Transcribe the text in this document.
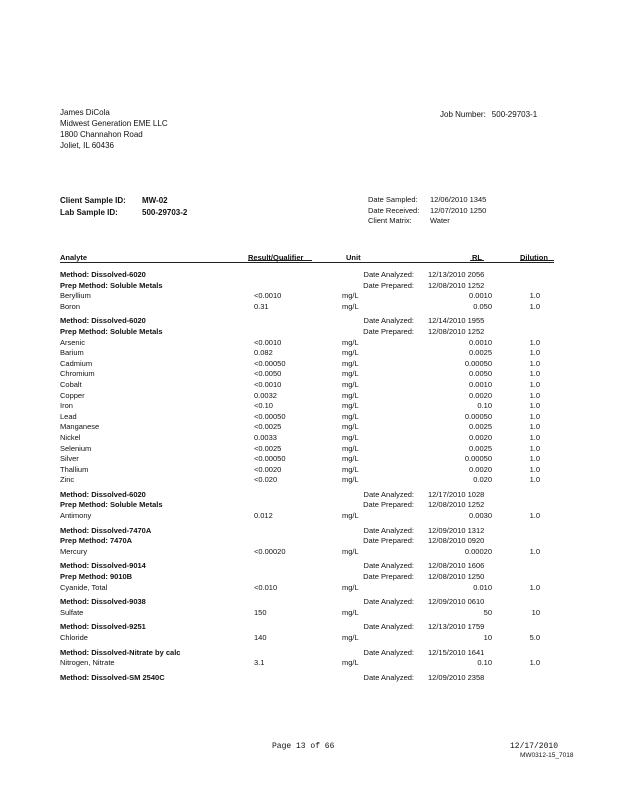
James DiCola
Midwest Generation EME LLC
1800 Channahon Road
Joliet, IL 60436
Job Number: 500-29703-1
Client Sample ID: MW-02
Lab Sample ID:	500-29703-2
Date Sampled: 12/06/2010 1345
Date Received: 12/07/2010 1250
Client Matrix: Water
Analyte	Result/Qualifier	Unit	RL	Dilution
Method: Dissolved-6020	Date Analyzed: 12/13/2010 2056
Prep Method: Soluble Metals	Date Prepared: 12/08/2010 1252
Beryllium	<0.0010	mg/L	0.0010	1.0
Boron	0.31	mg/L	0.050	1.0
Method: Dissolved-6020	Date Analyzed: 12/14/2010 1955
Prep Method: Soluble Metals	Date Prepared: 12/08/2010 1252
Arsenic	<0.0010	mg/L	0.0010	1.0
Barium	0.082	mg/L	0.0025	1.0
Cadmium	<0.00050	mg/L	0.00050	1.0
Chromium	<0.0050	mg/L	0.0050	1.0
Cobalt	<0.0010	mg/L	0.0010	1.0
Copper	0.0032	mg/L	0.0020	1.0
Iron	<0.10	mg/L	0.10	1.0
Lead	<0.00050	mg/L	0.00050	1.0
Manganese	<0.0025	mg/L	0.0025	1.0
Nickel	0.0033	mg/L	0.0020	1.0
Selenium	<0.0025	mg/L	0.0025	1.0
Silver	<0.00050	mg/L	0.00050	1.0
Thallium	<0.0020	mg/L	0.0020	1.0
Zinc	<0.020	mg/L	0.020	1.0
Method: Dissolved-6020	Date Analyzed: 12/17/2010 1028
Prep Method: Soluble Metals	Date Prepared: 12/08/2010 1252
Antimony	0.012	mg/L	0.0030	1.0
Method: Dissolved-7470A	Date Analyzed: 12/09/2010 1312
Prep Method: 7470A	Date Prepared: 12/08/2010 0920
Mercury	<0.00020	mg/L	0.00020	1.0
Method: Dissolved-9014	Date Analyzed: 12/08/2010 1606
Prep Method: 9010B	Date Prepared: 12/08/2010 1250
Cyanide, Total	<0.010	mg/L	0.010	1.0
Method: Dissolved-9038	Date Analyzed: 12/09/2010 0610
Sulfate	150	mg/L	50	10
Method: Dissolved-9251	Date Analyzed: 12/13/2010 1759
Chloride	140	mg/L	10	5.0
Method: Dissolved-Nitrate by calc	Date Analyzed: 12/15/2010 1641
Nitrogen, Nitrate	3.1	mg/L	0.10	1.0
Method: Dissolved-SM 2540C	Date Analyzed: 12/09/2010 2358
Page 13 of 66	12/17/2010
MW0312-15_7018
